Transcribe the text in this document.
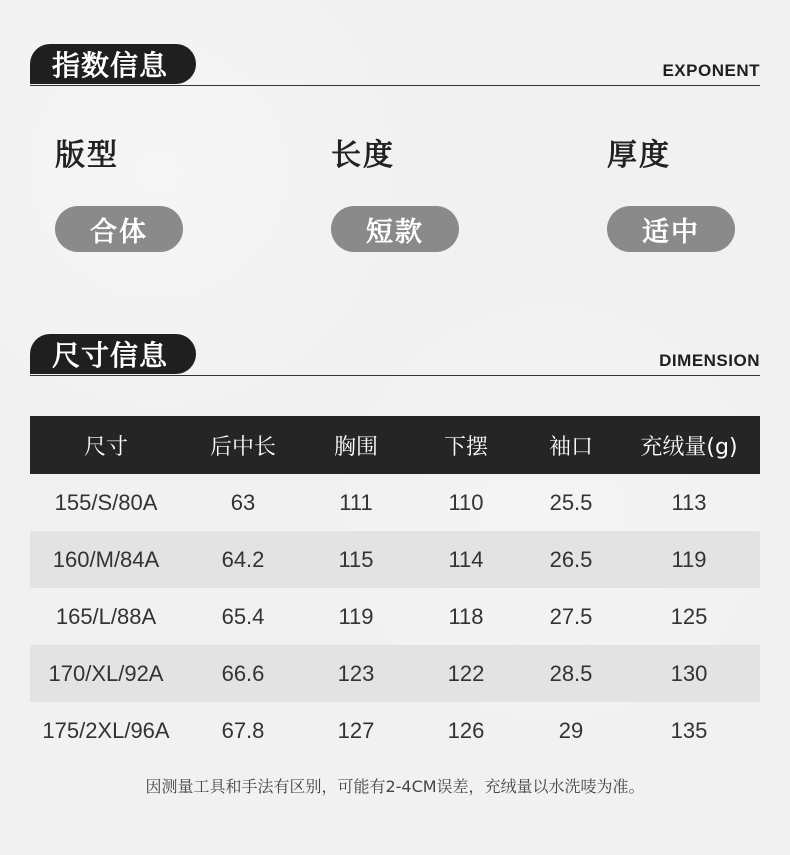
指数信息	EXPONENT
版型
合体
长度
短款
厚度
适中
尺寸信息	DIMENSION
尺寸	后中长	胸围	下摆	袖口	充绒量(g)
155/S/80A	63	111	110	25.5	113
160/M/84A	64.2	115	114	26.5	119
165/L/88A	65.4	119	118	27.5	125
170/XL/92A	66.6	123	122	28.5	130
175/2XL/96A	67.8	127	126	29	135
因测量工具和手法有区别，可能有2-4CM误差，充绒量以水洗唛为准。
